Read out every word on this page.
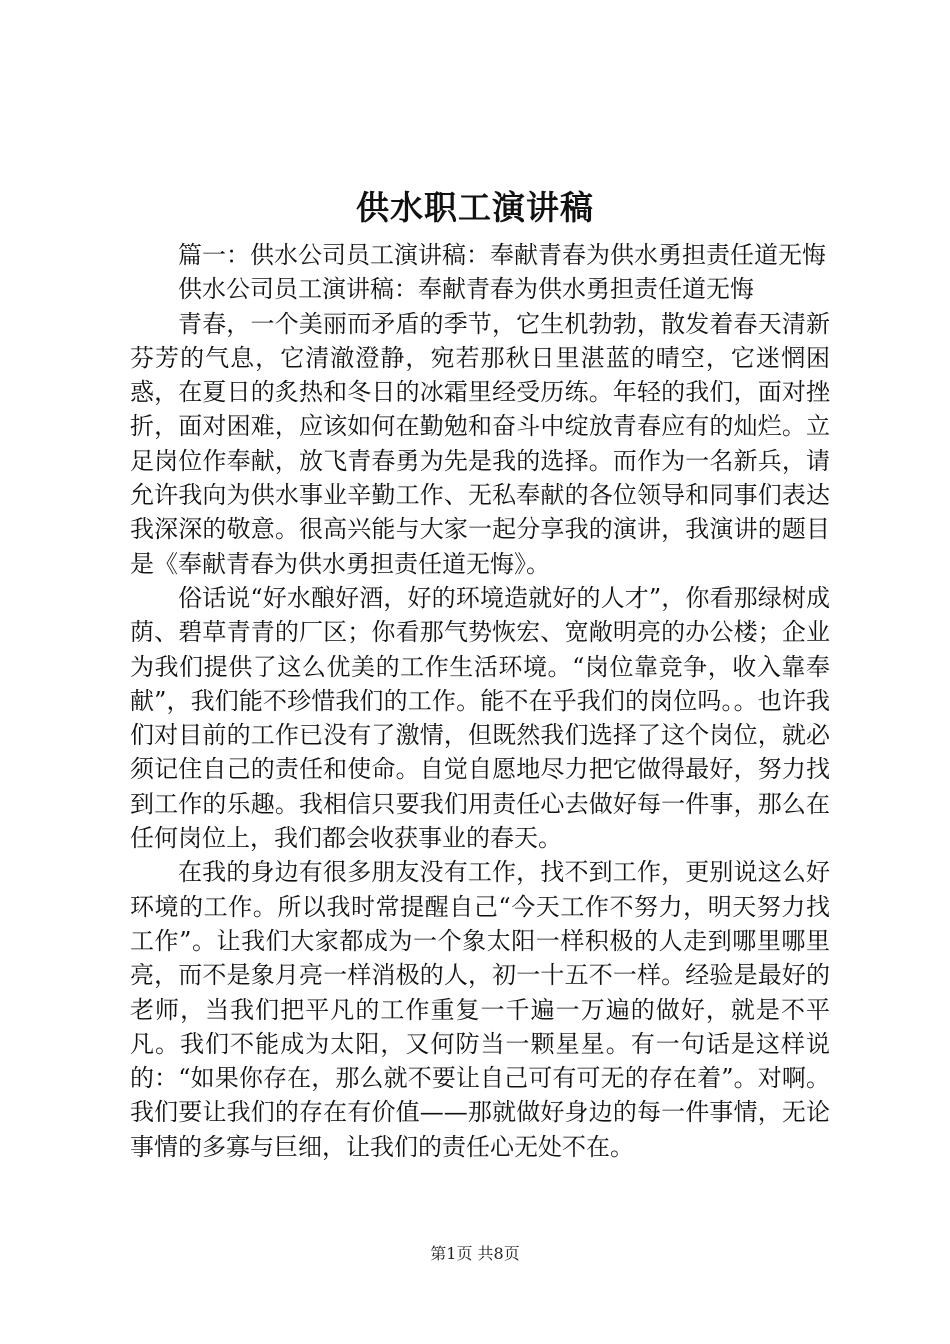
供水职工演讲稿

篇一：供水公司员工演讲稿：奉献青春为供水勇担责任道无悔

供水公司员工演讲稿：奉献青春为供水勇担责任道无悔

青春，一个美丽而矛盾的季节，它生机勃勃，散发着春天清新芬芳的气息，它清澈澄静，宛若那秋日里湛蓝的晴空，它迷惘困惑，在夏日的炙热和冬日的冰霜里经受历练。年轻的我们，面对挫折，面对困难，应该如何在勤勉和奋斗中绽放青春应有的灿烂。立足岗位作奉献，放飞青春勇为先是我的选择。而作为一名新兵，请允许我向为供水事业辛勤工作、无私奉献的各位领导和同事们表达我深深的敬意。很高兴能与大家一起分享我的演讲，我演讲的题目是《奉献青春为供水勇担责任道无悔》。

俗话说“好水酿好酒，好的环境造就好的人才”，你看那绿树成荫、碧草青青的厂区；你看那气势恢宏、宽敞明亮的办公楼；企业为我们提供了这么优美的工作生活环境。“岗位靠竞争，收入靠奉献”，我们能不珍惜我们的工作。能不在乎我们的岗位吗。。也许我们对目前的工作已没有了激情，但既然我们选择了这个岗位，就必须记住自己的责任和使命。自觉自愿地尽力把它做得最好，努力找到工作的乐趣。我相信只要我们用责任心去做好每一件事，那么在任何岗位上，我们都会收获事业的春天。

在我的身边有很多朋友没有工作，找不到工作，更别说这么好环境的工作。所以我时常提醒自己“今天工作不努力，明天努力找工作”。让我们大家都成为一个象太阳一样积极的人走到哪里哪里亮，而不是象月亮一样消极的人，初一十五不一样。经验是最好的老师，当我们把平凡的工作重复一千遍一万遍的做好，就是不平凡。我们不能成为太阳，又何防当一颗星星。有一句话是这样说的：“如果你存在，那么就不要让自己可有可无的存在着”。对啊。我们要让我们的存在有价值——那就做好身边的每一件事情，无论事情的多寡与巨细，让我们的责任心无处不在。

第1页 共8页
